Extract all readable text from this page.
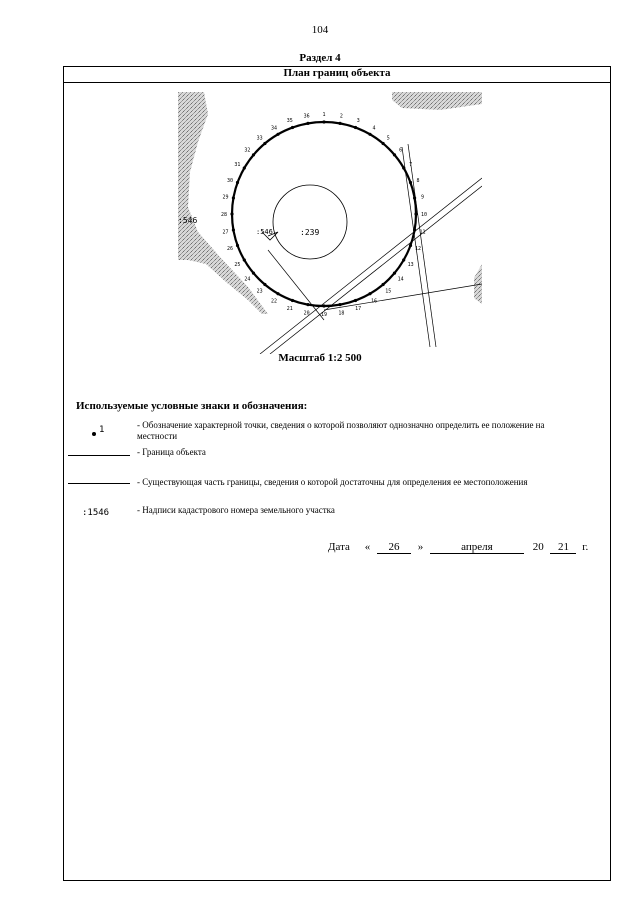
104
Раздел 4
План границ объекта
1	2
3
4
5
6
7
8
9
10
11
12
13
14
15
16
17
18
19
20
21
22
23
24
25
26
27
28
29
30
31
32
33
34
35
36
:239
:546
:546
Масштаб 1:2 500
Используемые условные знаки и обозначения:
1	- Обозначение характерной точки, сведения о которой позволяют однозначно определить ее положение на местности
- Граница объекта
- Существующая часть границы, сведения о которой достаточны для определения ее местоположения
:1546	- Надписи кадастрового номера земельного участка
Дата « 26 »	апреля	20 21 г.
